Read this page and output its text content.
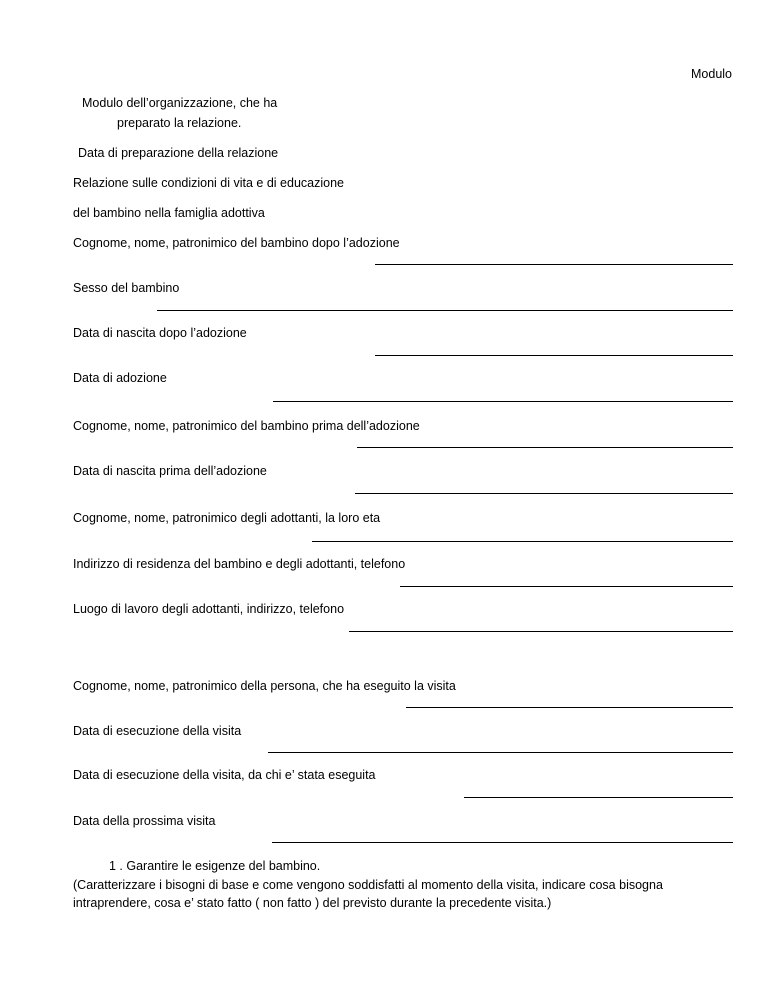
Modulo
Modulo dell’organizzazione, che ha
preparato la relazione.
Data di preparazione della relazione
Relazione sulle condizioni di vita e di educazione
del bambino nella famiglia adottiva
Cognome, nome, patronimico del bambino dopo l’adozione
Sesso del bambino
Data di nascita dopo l’adozione
Data di adozione
Cognome, nome, patronimico del bambino prima dell’adozione
Data di nascita prima dell’adozione
Cognome, nome, patronimico degli adottanti, la loro eta
Indirizzo di residenza del bambino e degli adottanti, telefono
Luogo di lavoro degli adottanti, indirizzo, telefono
Cognome, nome, patronimico della persona, che ha eseguito la visita
Data di esecuzione della visita
Data di esecuzione della visita, da chi e’ stata eseguita
Data della prossima visita
1 . Garantire le esigenze del bambino.
(Caratterizzare i bisogni di base e come vengono soddisfatti al momento della visita, indicare cosa bisogna intraprendere, cosa e’ stato fatto ( non fatto ) del previsto durante la precedente visita.)
